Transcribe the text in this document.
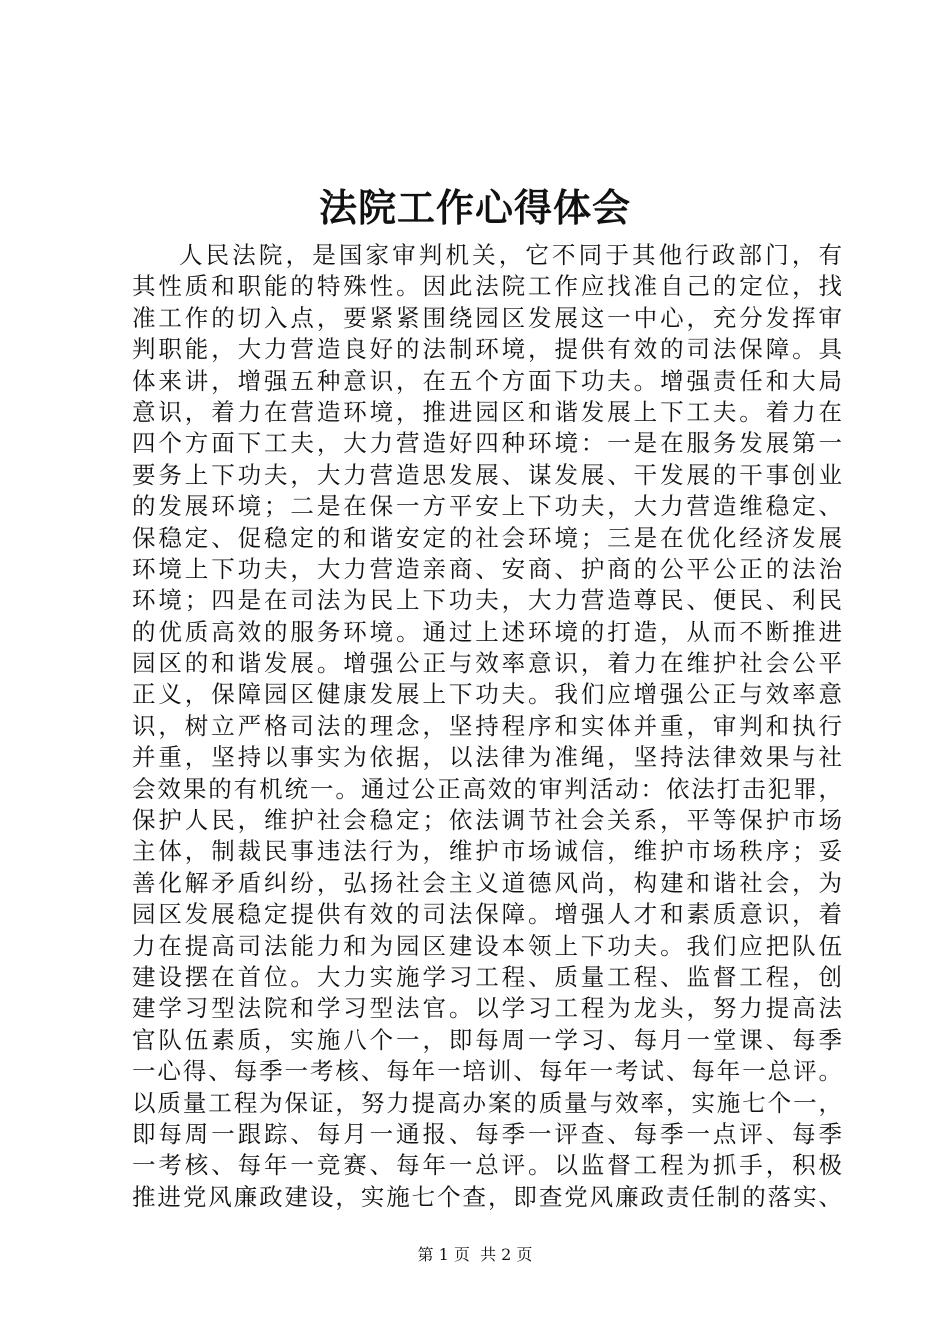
法院工作心得体会
人民法院，是国家审判机关，它不同于其他行政部门，有
其性质和职能的特殊性。因此法院工作应找准自己的定位，找
准工作的切入点，要紧紧围绕园区发展这一中心，充分发挥审
判职能，大力营造良好的法制环境，提供有效的司法保障。具
体来讲，增强五种意识，在五个方面下功夫。增强责任和大局
意识，着力在营造环境，推进园区和谐发展上下工夫。着力在
四个方面下工夫，大力营造好四种环境：一是在服务发展第一
要务上下功夫，大力营造思发展、谋发展、干发展的干事创业
的发展环境；二是在保一方平安上下功夫，大力营造维稳定、
保稳定、促稳定的和谐安定的社会环境；三是在优化经济发展
环境上下功夫，大力营造亲商、安商、护商的公平公正的法治
环境；四是在司法为民上下功夫，大力营造尊民、便民、利民
的优质高效的服务环境。通过上述环境的打造，从而不断推进
园区的和谐发展。增强公正与效率意识，着力在维护社会公平
正义，保障园区健康发展上下功夫。我们应增强公正与效率意
识，树立严格司法的理念，坚持程序和实体并重，审判和执行
并重，坚持以事实为依据，以法律为准绳，坚持法律效果与社
会效果的有机统一。通过公正高效的审判活动：依法打击犯罪，
保护人民，维护社会稳定；依法调节社会关系，平等保护市场
主体，制裁民事违法行为，维护市场诚信，维护市场秩序；妥
善化解矛盾纠纷，弘扬社会主义道德风尚，构建和谐社会，为
园区发展稳定提供有效的司法保障。增强人才和素质意识，着
力在提高司法能力和为园区建设本领上下功夫。我们应把队伍
建设摆在首位。大力实施学习工程、质量工程、监督工程，创
建学习型法院和学习型法官。以学习工程为龙头，努力提高法
官队伍素质，实施八个一，即每周一学习、每月一堂课、每季
一心得、每季一考核、每年一培训、每年一考试、每年一总评。
以质量工程为保证，努力提高办案的质量与效率，实施七个一，
即每周一跟踪、每月一通报、每季一评查、每季一点评、每季
一考核、每年一竞赛、每年一总评。以监督工程为抓手，积极
推进党风廉政建设，实施七个查，即查党风廉政责任制的落实、
第 1 页  共 2 页
